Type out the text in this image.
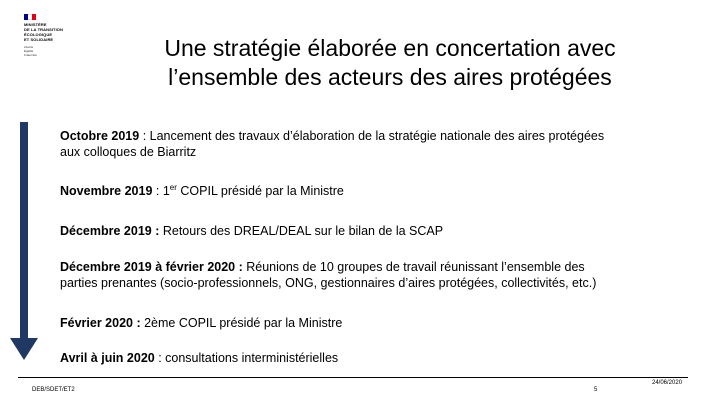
MINISTÈRE
DE LA TRANSITION
ÉCOLOGIQUE
ET SOLIDAIRE
Liberté
Égalité
Fraternité	Une stratégie élaborée en concertation avec
l’ensemble des acteurs des aires protégées

Octobre 2019 : Lancement des travaux d’élaboration de la stratégie nationale des aires protégées
aux colloques de Biarritz

Novembre 2019 : 1er COPIL présidé par la Ministre

Décembre 2019 : Retours des DREAL/DEAL sur le bilan de la SCAP

Décembre 2019 à février 2020 : Réunions de 10 groupes de travail réunissant l’ensemble des
parties prenantes (socio-professionnels, ONG, gestionnaires d’aires protégées, collectivités, etc.)

Février 2020 : 2ème COPIL présidé par la Ministre

Avril à juin 2020 : consultations interministérielles

DEB/SDET/ET2	5
24/06/2020
